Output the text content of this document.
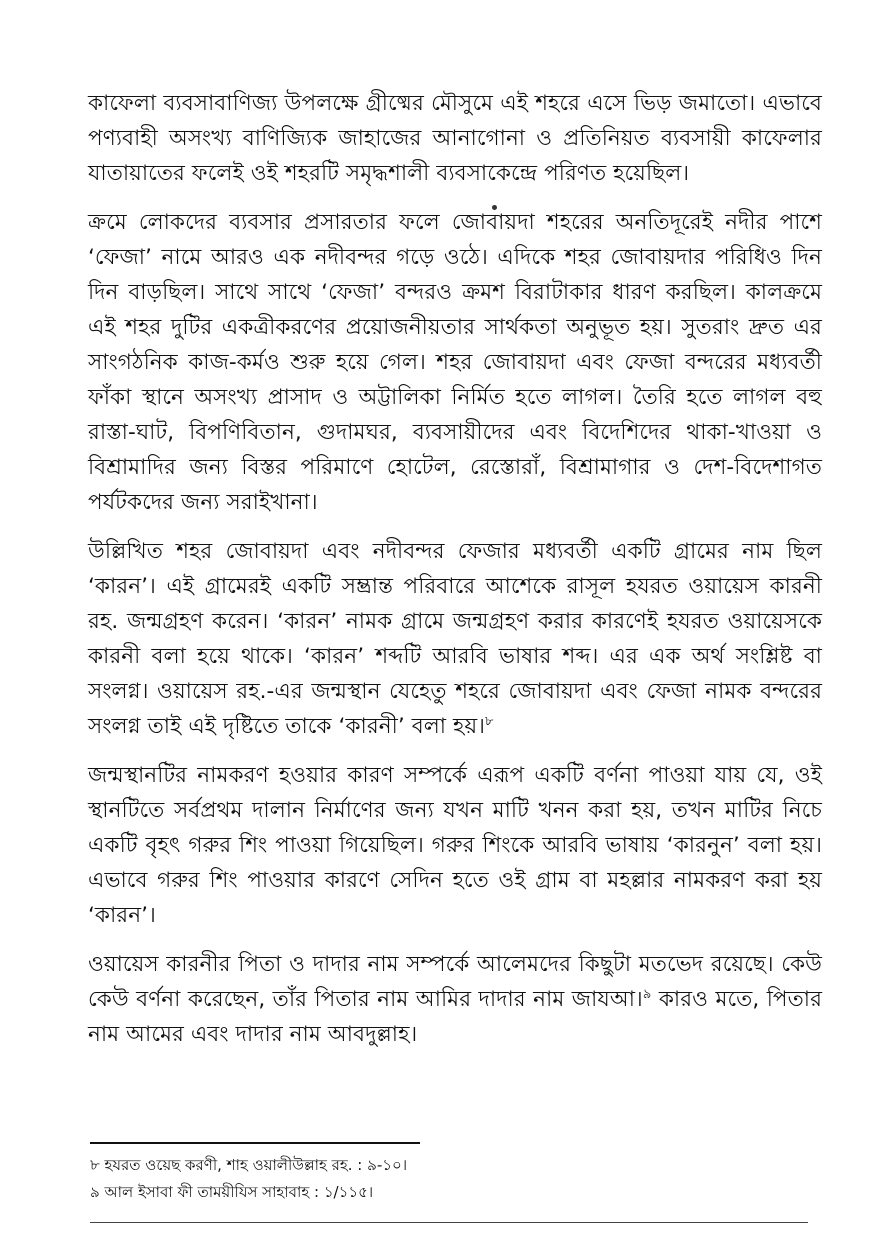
কাফেলা ব্যবসাবাণিজ্য উপলক্ষে গ্রীষ্মের মৌসুমে এই শহরে এসে ভিড় জমাতো। এভাবে পণ্যবাহী অসংখ্য বাণিজ্যিক জাহাজের আনাগোনা ও প্রতিনিয়ত ব্যবসায়ী কাফেলার যাতায়াতের ফলেই ওই শহরটি সমৃদ্ধশালী ব্যবসাকেন্দ্রে পরিণত হয়েছিল।

ক্রমে লোকদের ব্যবসার প্রসারতার ফলে জোবায়দা শহরের অনতিদূরেই নদীর পাশে ‘ফেজা’ নামে আরও এক নদীবন্দর গড়ে ওঠে। এদিকে শহর জোবায়দার পরিধিও দিন দিন বাড়ছিল। সাথে সাথে ‘ফেজা’ বন্দরও ক্রমশ বিরাটাকার ধারণ করছিল। কালক্রমে এই শহর দুটির একত্রীকরণের প্রয়োজনীয়তার সার্থকতা অনুভূত হয়। সুতরাং দ্রুত এর সাংগঠনিক কাজ-কর্মও শুরু হয়ে গেল। শহর জোবায়দা এবং ফেজা বন্দরের মধ্যবর্তী ফাঁকা স্থানে অসংখ্য প্রাসাদ ও অট্টালিকা নির্মিত হতে লাগল। তৈরি হতে লাগল বহু রাস্তা-ঘাট, বিপণিবিতান, গুদামঘর, ব্যবসায়ীদের এবং বিদেশিদের থাকা-খাওয়া ও বিশ্রামাদির জন্য বিস্তর পরিমাণে হোটেল, রেস্তোরাঁ, বিশ্রামাগার ও দেশ-বিদেশাগত পর্যটকদের জন্য সরাইখানা।

উল্লিখিত শহর জোবায়দা এবং নদীবন্দর ফেজার মধ্যবর্তী একটি গ্রামের নাম ছিল ‘কারন’। এই গ্রামেরই একটি সম্ভ্রান্ত পরিবারে আশেকে রাসূল হযরত ওয়ায়েস কারনী রহ. জন্মগ্রহণ করেন। ‘কারন’ নামক গ্রামে জন্মগ্রহণ করার কারণেই হযরত ওয়ায়েসকে কারনী বলা হয়ে থাকে। ‘কারন’ শব্দটি আরবি ভাষার শব্দ। এর এক অর্থ সংশ্লিষ্ট বা সংলগ্ন। ওয়ায়েস রহ.-এর জন্মস্থান যেহেতু শহরে জোবায়দা এবং ফেজা নামক বন্দরের সংলগ্ন তাই এই দৃষ্টিতে তাকে ‘কারনী’ বলা হয়।$^৮$

জন্মস্থানটির নামকরণ হওয়ার কারণ সম্পর্কে এরূপ একটি বর্ণনা পাওয়া যায় যে, ওই স্থানটিতে সর্বপ্রথম দালান নির্মাণের জন্য যখন মাটি খনন করা হয়, তখন মাটির নিচে একটি বৃহৎ গরুর শিং পাওয়া গিয়েছিল। গরুর শিংকে আরবি ভাষায় ‘কারনুন’ বলা হয়। এভাবে গরুর শিং পাওয়ার কারণে সেদিন হতে ওই গ্রাম বা মহল্লার নামকরণ করা হয় ‘কারন’।

ওয়ায়েস কারনীর পিতা ও দাদার নাম সম্পর্কে আলেমদের কিছুটা মতভেদ রয়েছে। কেউ কেউ বর্ণনা করেছেন, তাঁর পিতার নাম আমির দাদার নাম জাযআ।$^৯$ কারও মতে, পিতার নাম আমের এবং দাদার নাম আবদুল্লাহ।

৮ হযরত ওয়েছ করণী, শাহ ওয়ালীউল্লাহ রহ. : ৯-১০।
৯ আল ইসাবা ফী তাময়ীযিস সাহাবাহ : ১/১১৫।
